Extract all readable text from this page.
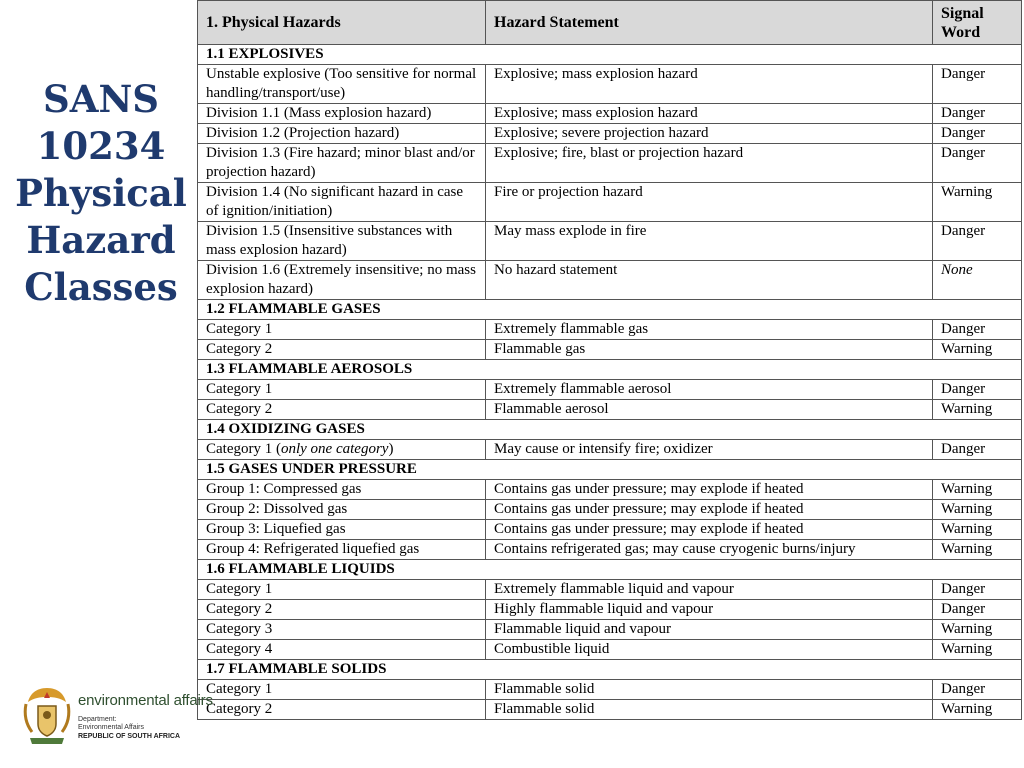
SANS
10234
Physical
Hazard
Classes
1. Physical Hazards	Hazard Statement	Signal
Word
1.1 EXPLOSIVES		
Unstable explosive (Too sensitive for normal handling/transport/use)	Explosive; mass explosion hazard	Danger
Division 1.1 (Mass explosion hazard)	Explosive; mass explosion hazard	Danger
Division 1.2 (Projection hazard)	Explosive; severe projection hazard	Danger
Division 1.3 (Fire hazard; minor blast and/or projection hazard)	Explosive; fire, blast or projection hazard	Danger
Division 1.4 (No significant hazard in case of ignition/initiation)	Fire or projection hazard	Warning
Division 1.5 (Insensitive substances with mass explosion hazard)	May mass explode in fire	Danger
Division 1.6 (Extremely insensitive; no mass explosion hazard)	No hazard statement	None
1.2 FLAMMABLE GASES		
Category 1	Extremely flammable gas	Danger
Category 2	Flammable gas	Warning
1.3 FLAMMABLE AEROSOLS		
Category 1	Extremely flammable aerosol	Danger
Category 2	Flammable aerosol	Warning
1.4 OXIDIZING GASES		
Category 1 (only one category)	May cause or intensify fire; oxidizer	Danger
1.5 GASES UNDER PRESSURE		
Group 1: Compressed gas	Contains gas under pressure; may explode if heated	Warning
Group 2: Dissolved gas	Contains gas under pressure; may explode if heated	Warning
Group 3: Liquefied gas	Contains gas under pressure; may explode if heated	Warning
Group 4: Refrigerated liquefied gas	Contains refrigerated gas; may cause cryogenic burns/injury	Warning
1.6 FLAMMABLE LIQUIDS		
Category 1	Extremely flammable liquid and vapour	Danger
Category 2	Highly flammable liquid and vapour	Danger
Category 3	Flammable liquid and vapour	Warning
Category 4	Combustible liquid	Warning
1.7 FLAMMABLE SOLIDS		
Category 1	Flammable solid	Danger
Category 2	Flammable solid	Warning
environmental affairs
Department:
Environmental Affairs
REPUBLIC OF SOUTH AFRICA
